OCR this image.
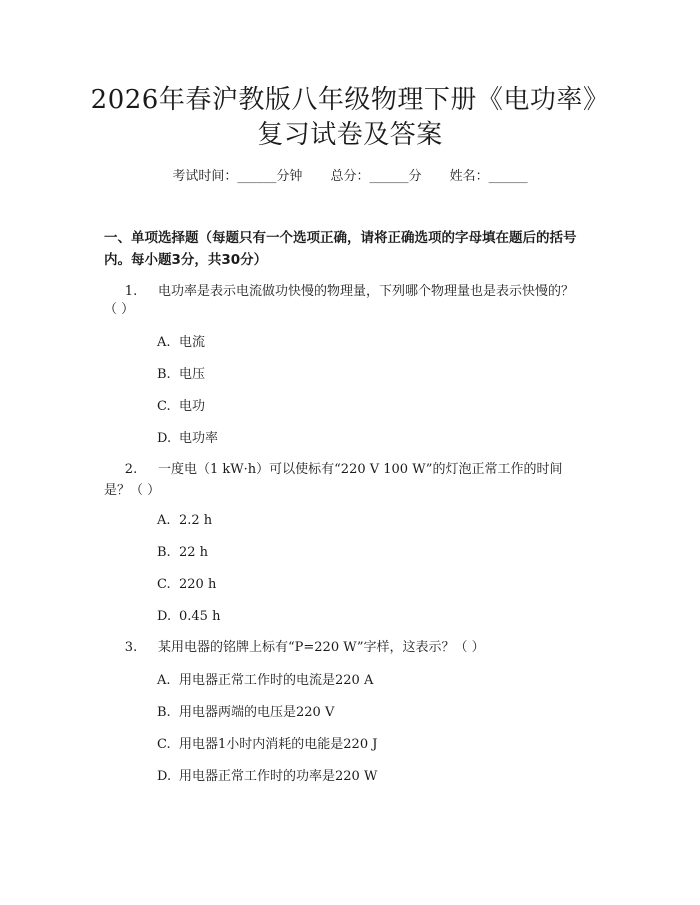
2026年春沪教版八年级物理下册《电功率》
复习试卷及答案
考试时间：______分钟 总分：______分 姓名：______
一、单项选择题（每题只有一个选项正确，请将正确选项的字母填在题后的括号
内。每小题3分，共30分）
1. 电功率是表示电流做功快慢的物理量，下列哪个物理量也是表示快慢的？
（ ）
A. 电流
B. 电压
C. 电功
D. 电功率
2. 一度电（1 kW·h）可以使标有“220 V 100 W”的灯泡正常工作的时间
是？（ ）
A. 2.2 h
B. 22 h
C. 220 h
D. 0.45 h
3. 某用电器的铭牌上标有“P=220 W”字样，这表示？（ ）
A. 用电器正常工作时的电流是220 A
B. 用电器两端的电压是220 V
C. 用电器1小时内消耗的电能是220 J
D. 用电器正常工作时的功率是220 W
